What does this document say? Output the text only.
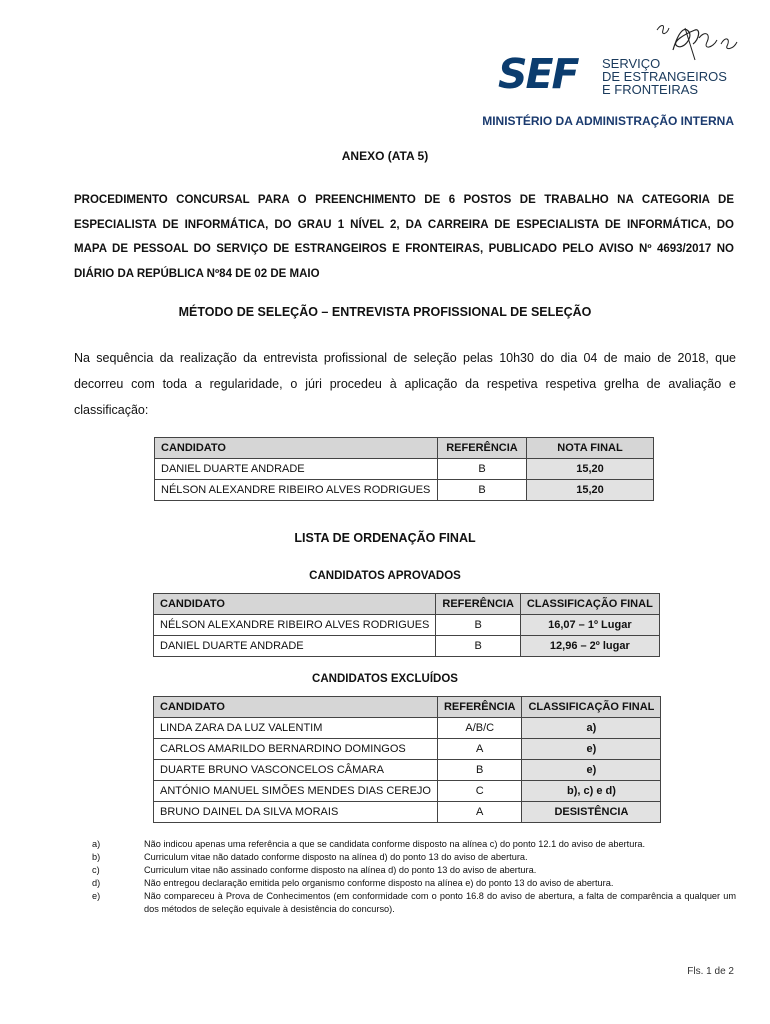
SEF SERVIÇO
DE ESTRANGEIROS
E FRONTEIRAS
MINISTÉRIO DA ADMINISTRAÇÃO INTERNA
ANEXO (ATA 5)
PROCEDIMENTO CONCURSAL PARA O PREENCHIMENTO DE 6 POSTOS DE TRABALHO NA CATEGORIA DE
ESPECIALISTA DE INFORMÁTICA, DO GRAU 1 NÍVEL 2, DA CARREIRA DE ESPECIALISTA DE INFORMÁTICA, DO
MAPA DE PESSOAL DO SERVIÇO DE ESTRANGEIROS E FRONTEIRAS, PUBLICADO PELO AVISO Nº 4693/2017 NO
DIÁRIO DA REPÚBLICA Nº84 DE 02 DE MAIO
MÉTODO DE SELEÇÃO – ENTREVISTA PROFISSIONAL DE SELEÇÃO
Na sequência da realização da entrevista profissional de seleção pelas 10h30 do dia 04 de maio de 2018, que
decorreu com toda a regularidade, o júri procedeu à aplicação da respetiva respetiva grelha de avaliação e
classificação:
CANDIDATO	REFERÊNCIA	NOTA FINAL
DANIEL DUARTE ANDRADE	B	15,20
NÉLSON ALEXANDRE RIBEIRO ALVES RODRIGUES	B	15,20
LISTA DE ORDENAÇÃO FINAL
CANDIDATOS APROVADOS
CANDIDATO	REFERÊNCIA	CLASSIFICAÇÃO FINAL
NÉLSON ALEXANDRE RIBEIRO ALVES RODRIGUES	B	16,07 – 1º Lugar
DANIEL DUARTE ANDRADE	B	12,96 – 2º lugar
CANDIDATOS EXCLUÍDOS
CANDIDATO	REFERÊNCIA	CLASSIFICAÇÃO FINAL
LINDA ZARA DA LUZ VALENTIM	A/B/C	a)
CARLOS AMARILDO BERNARDINO DOMINGOS	A	e)
DUARTE BRUNO VASCONCELOS CÂMARA	B	e)
ANTÓNIO MANUEL SIMÕES MENDES DIAS CEREJO	C	b), c) e d)
BRUNO DAINEL DA SILVA MORAIS	A	DESISTÊNCIA
a)	Não indicou apenas uma referência a que se candidata conforme disposto na alínea c) do ponto 12.1 do aviso de abertura.
b)	Curriculum vitae não datado conforme disposto na alínea d) do ponto 13 do aviso de abertura.
c)	Curriculum vitae não assinado conforme disposto na alínea d) do ponto 13 do aviso de abertura.
d)	Não entregou declaração emitida pelo organismo conforme disposto na alínea e) do ponto 13 do aviso de abertura.
e)	Não compareceu à Prova de Conhecimentos (em conformidade com o ponto 16.8 do aviso de abertura, a falta de comparência a qualquer um dos métodos de seleção equivale à desistência do concurso).
Fls. 1 de 2
